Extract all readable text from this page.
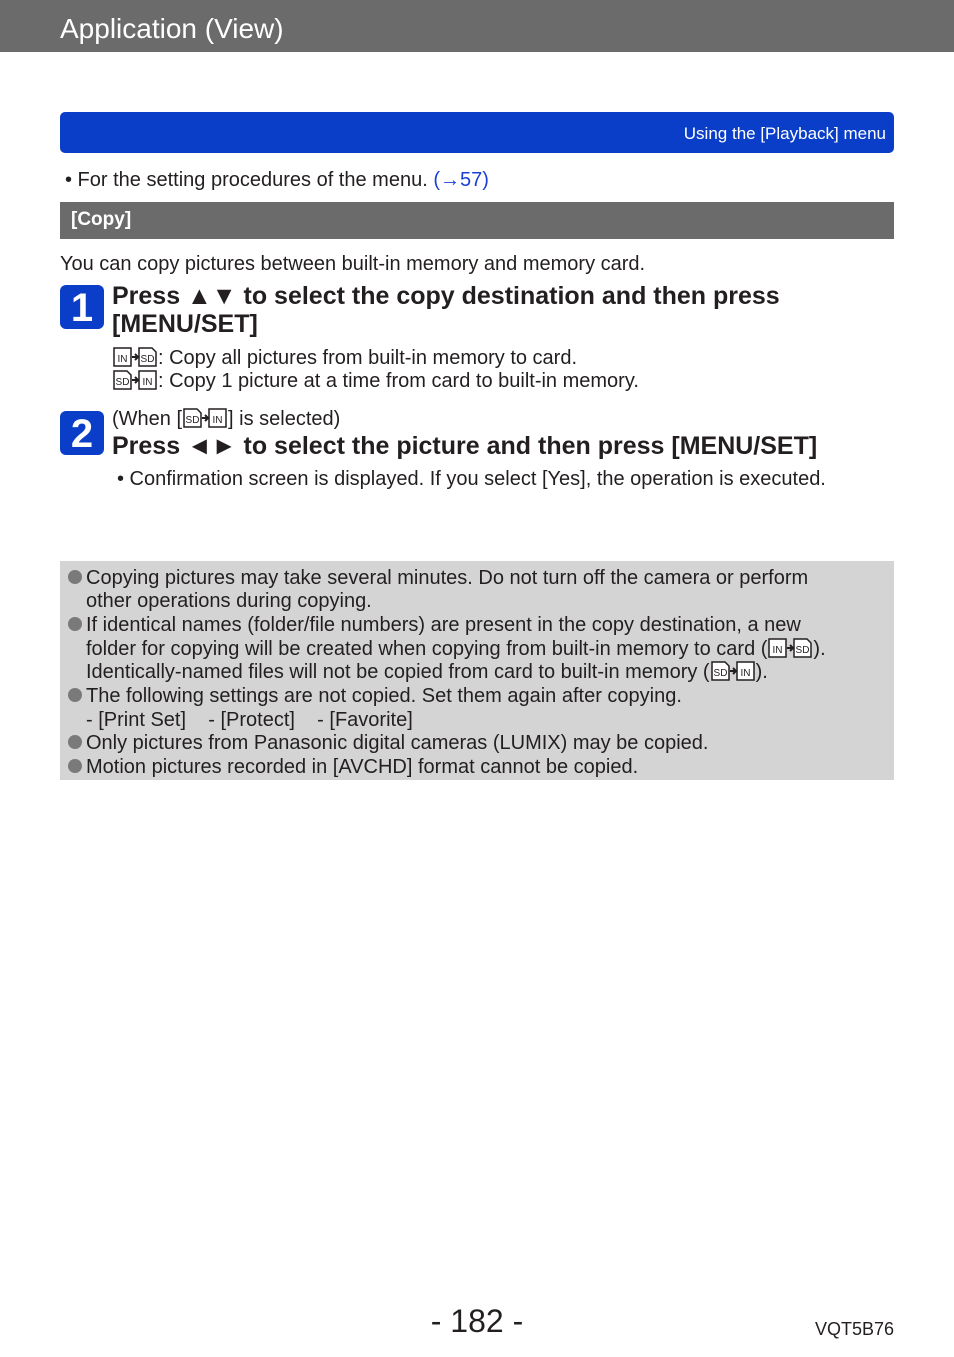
Application (View)
Using the [Playback] menu
• For the setting procedures of the menu. (→57)
[Copy]
You can copy pictures between built-in memory and memory card.
1 Press ▲▼ to select the copy destination and then press
[MENU/SET]
IN SD : Copy all pictures from built-in memory to card.
SD IN : Copy 1 picture at a time from card to built-in memory.
2 (When [ SD IN ] is selected)
Press ◄► to select the picture and then press [MENU/SET]
• Confirmation screen is displayed. If you select [Yes], the operation is executed.
Copying pictures may take several minutes. Do not turn off the camera or perform
other operations during copying.
If identical names (folder/file numbers) are present in the copy destination, a new
folder for copying will be created when copying from built-in memory to card ( IN SD ).
Identically-named files will not be copied from card to built-in memory ( SD IN ).
The following settings are not copied. Set them again after copying.
- [Print Set]    - [Protect]    - [Favorite]
Only pictures from Panasonic digital cameras (LUMIX) may be copied.
Motion pictures recorded in [AVCHD] format cannot be copied.
- 182 -	VQT5B76
